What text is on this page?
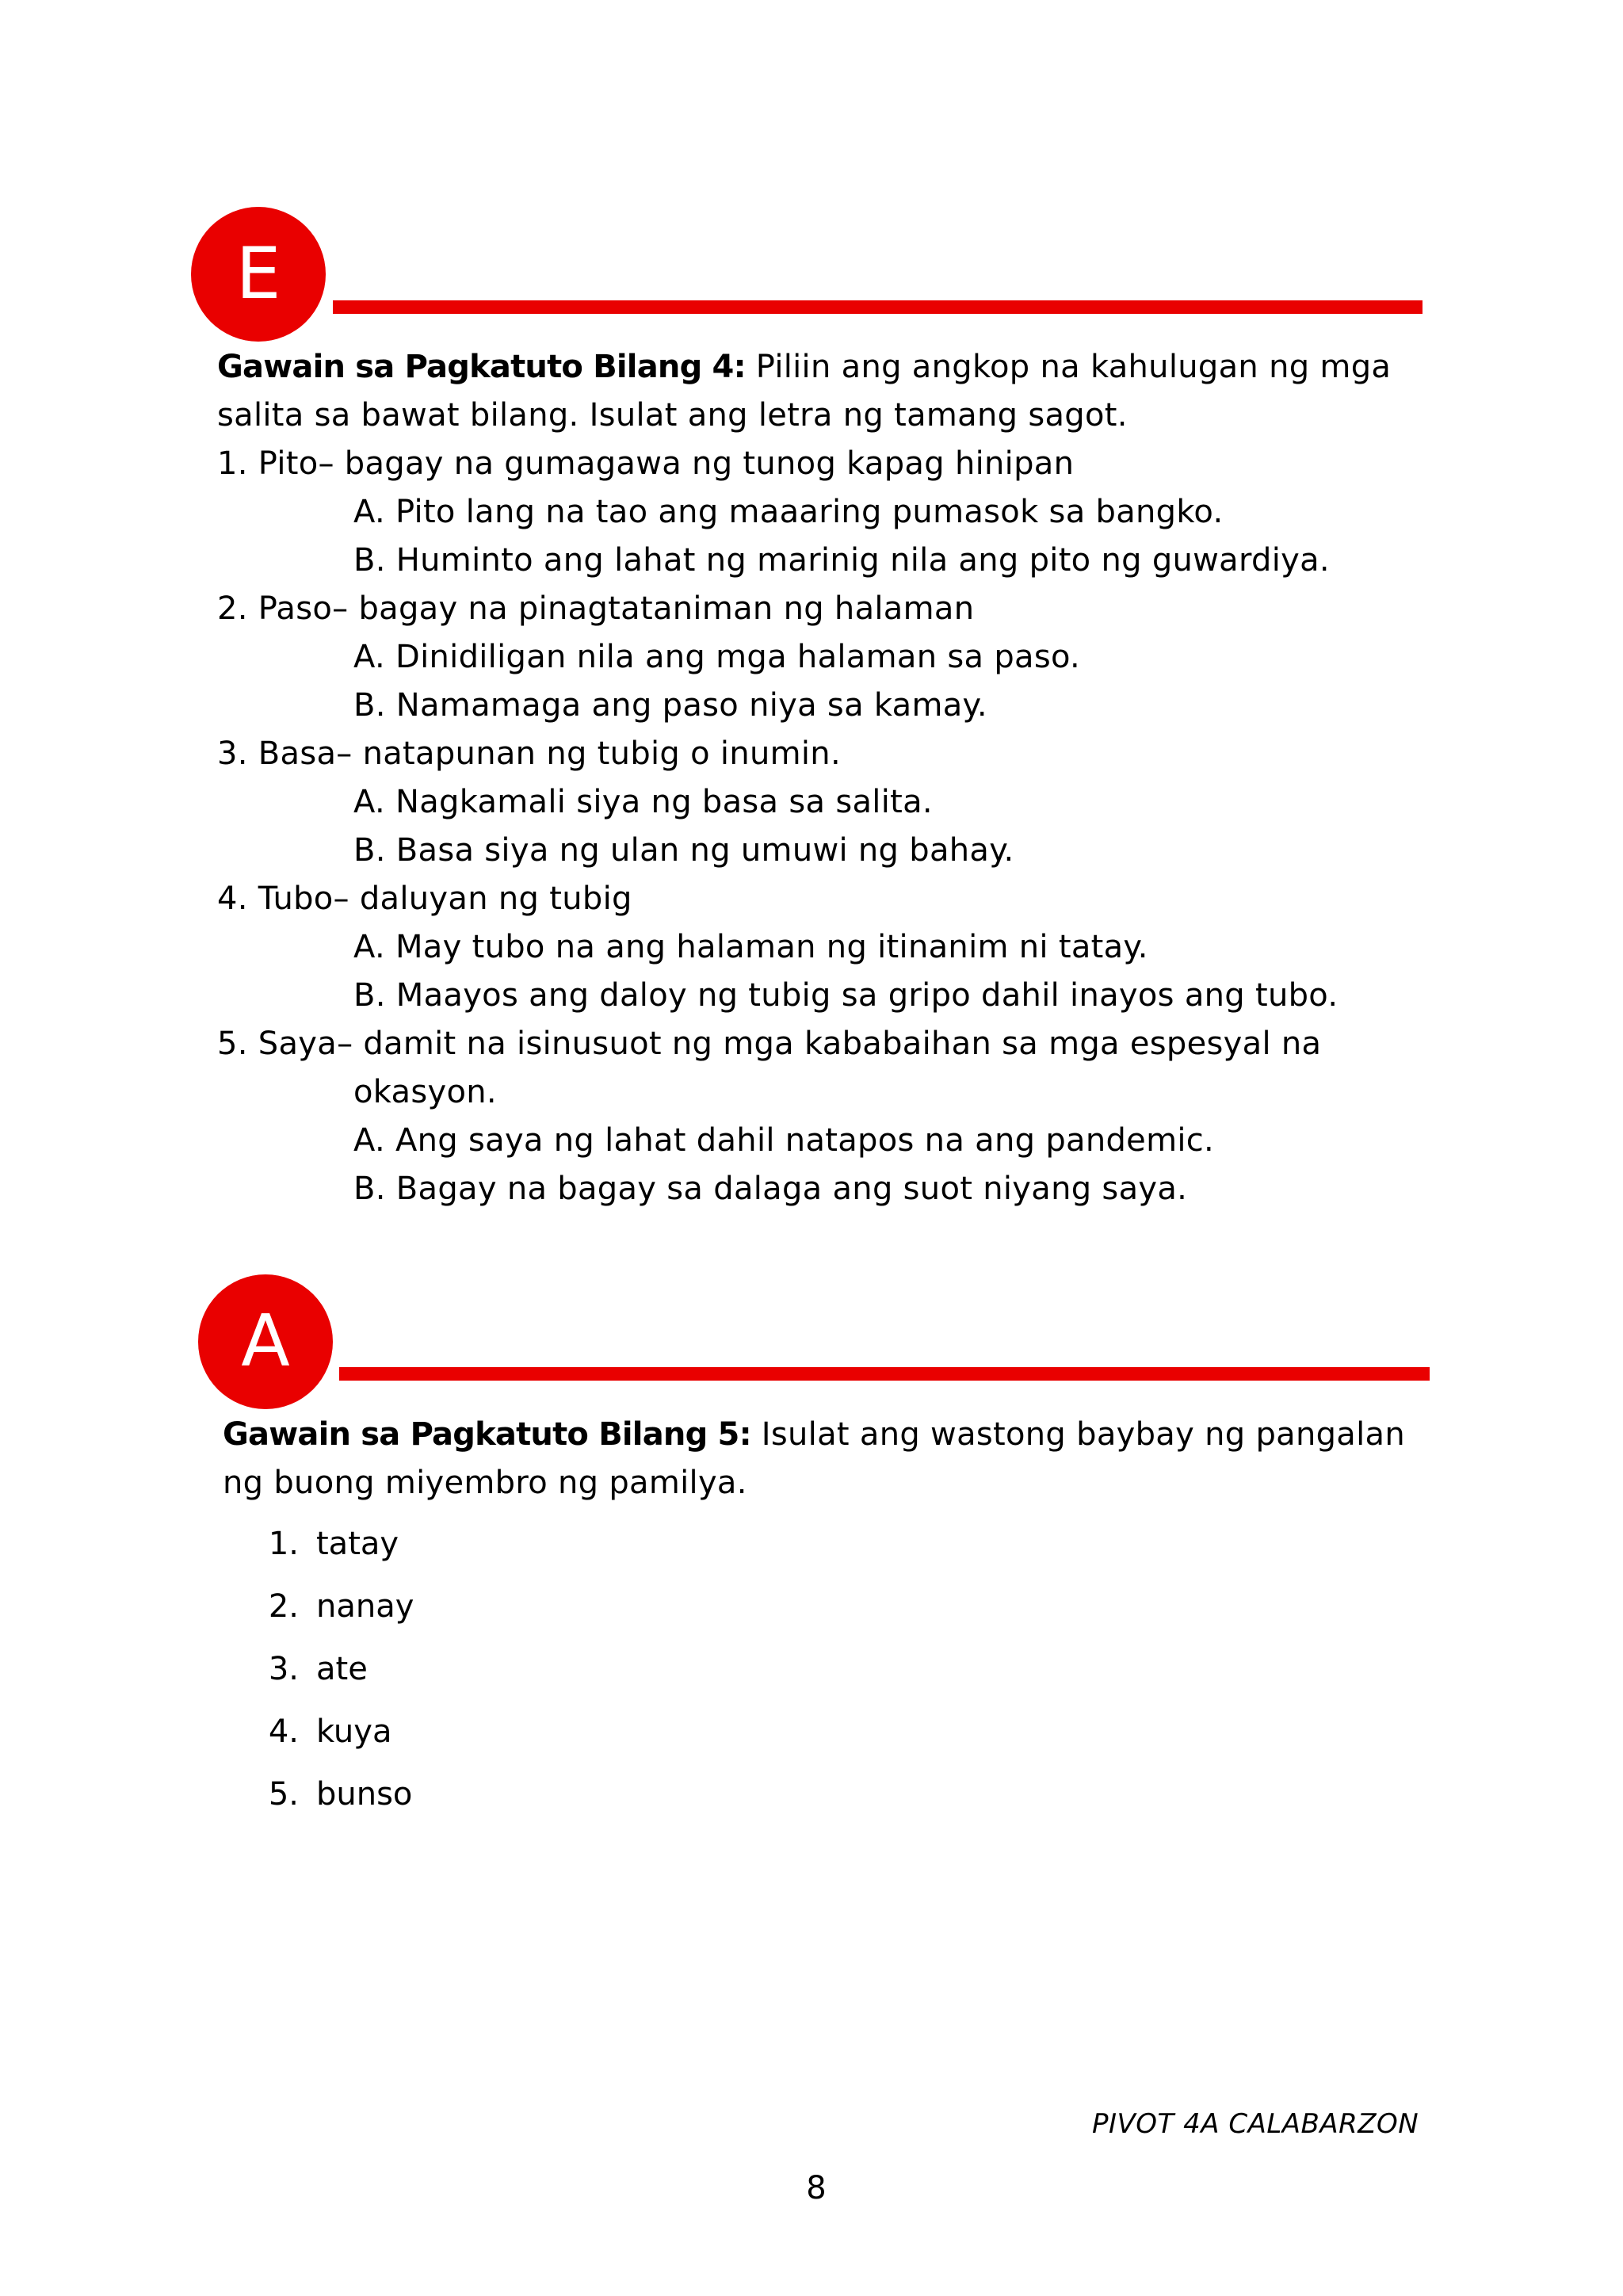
E

Gawain sa Pagkatuto Bilang 4: Piliin ang angkop na kahulugan ng mga

salita sa bawat bilang. Isulat ang letra ng tamang sagot.

1. Pito– bagay na gumagawa ng tunog kapag hinipan

A. Pito lang na tao ang maaaring pumasok sa bangko.

B. Huminto ang lahat ng marinig nila ang pito ng guwardiya.

2. Paso– bagay na pinagtataniman ng halaman

A. Dinidiligan nila ang mga halaman sa paso.

B. Namamaga ang paso niya sa kamay.

3. Basa– natapunan ng tubig o inumin.

A. Nagkamali siya ng basa sa salita.

B. Basa siya ng ulan ng umuwi ng bahay.

4. Tubo– daluyan ng tubig

A. May tubo na ang halaman ng itinanim ni tatay.

B. Maayos ang daloy ng tubig sa gripo dahil inayos ang tubo.

5. Saya– damit na isinusuot ng mga kababaihan sa mga espesyal na

okasyon.

A. Ang saya ng lahat dahil natapos na ang pandemic.

B. Bagay na bagay sa dalaga ang suot niyang saya.

A

Gawain sa Pagkatuto Bilang 5: Isulat ang wastong baybay ng pangalan

ng buong miyembro ng pamilya.

1. tatay
2. nanay
3. ate
4. kuya
5. bunso
PIVOT 4A CALABARZON
8
